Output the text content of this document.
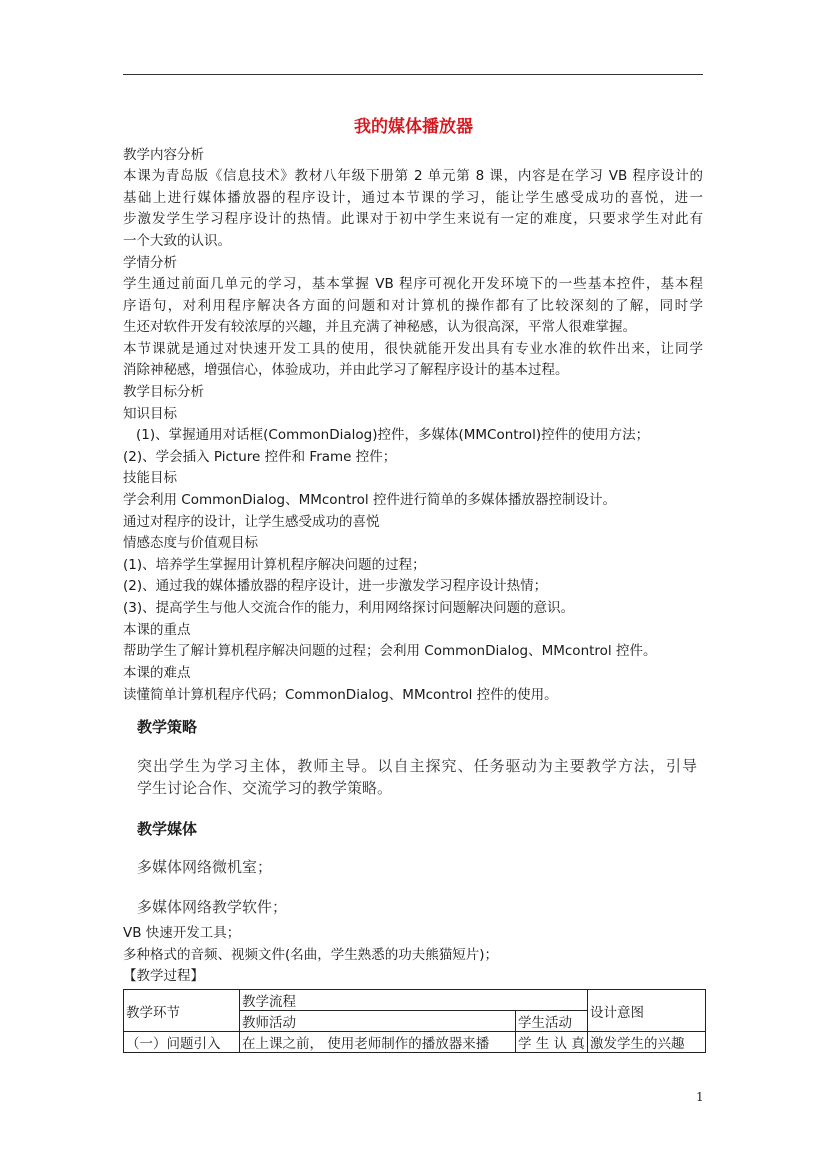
我的媒体播放器
教学内容分析
本课为青岛版《信息技术》教材八年级下册第 2 单元第 8 课，内容是在学习 VB 程序设计的
基础上进行媒体播放器的程序设计，通过本节课的学习，能让学生感受成功的喜悦，进一
步激发学生学习程序设计的热情。此课对于初中学生来说有一定的难度，只要求学生对此有
一个大致的认识。
学情分析
学生通过前面几单元的学习，基本掌握 VB 程序可视化开发环境下的一些基本控件，基本程
序语句，对利用程序解决各方面的问题和对计算机的操作都有了比较深刻的了解，同时学
生还对软件开发有较浓厚的兴趣，并且充满了神秘感，认为很高深，平常人很难掌握。
本节课就是通过对快速开发工具的使用，很快就能开发出具有专业水准的软件出来，让同学
消除神秘感，增强信心，体验成功，并由此学习了解程序设计的基本过程。
教学目标分析
知识目标
(1)、掌握通用对话框(CommonDialog)控件，多媒体(MMControl)控件的使用方法；
(2)、学会插入 Picture 控件和 Frame 控件；
技能目标
学会利用 CommonDialog、MMcontrol 控件进行简单的多媒体播放器控制设计。
通过对程序的设计，让学生感受成功的喜悦
情感态度与价值观目标
(1)、培养学生掌握用计算机程序解决问题的过程；
(2)、通过我的媒体播放器的程序设计，进一步激发学习程序设计热情；
(3)、提高学生与他人交流合作的能力，利用网络探讨问题解决问题的意识。
本课的重点
帮助学生了解计算机程序解决问题的过程；会利用 CommonDialog、MMcontrol 控件。
本课的难点
读懂简单计算机程序代码；CommonDialog、MMcontrol 控件的使用。
教学策略
突出学生为学习主体，教师主导。以自主探究、任务驱动为主要教学方法，引导
学生讨论合作、交流学习的教学策略。
教学媒体
多媒体网络微机室；
多媒体网络教学软件；
VB 快速开发工具；
多种格式的音频、视频文件(名曲，学生熟悉的功夫熊猫短片)；
【教学过程】
教学环节	教学流程		设计意图
	教师活动	学生活动	
（一）问题引入	在上课之前， 使用老师制作的播放器来播	学 生 认 真	激发学生的兴趣
1
